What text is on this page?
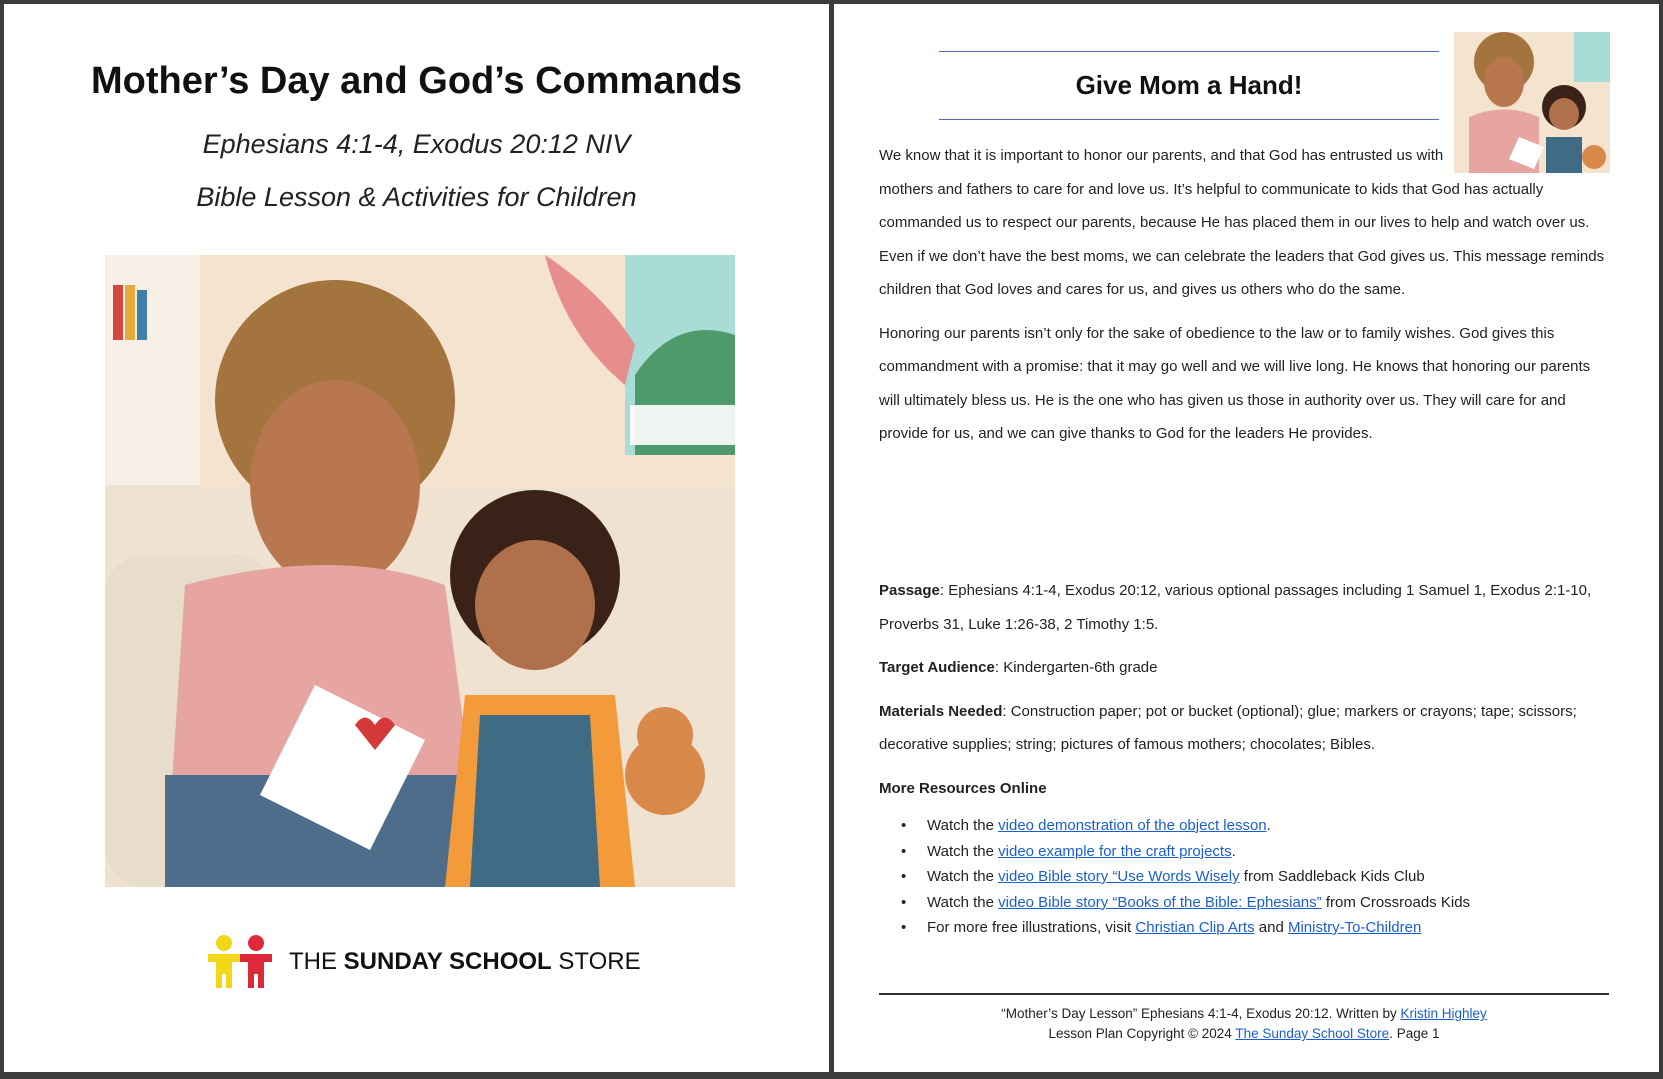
Mother’s Day and God’s Commands
Ephesians 4:1-4, Exodus 20:12 NIV
Bible Lesson & Activities for Children
THE SUNDAY SCHOOL STORE
Give Mom a Hand!

We know that it is important to honor our parents, and that God has entrusted us with mothers and fathers to care for and love us. It’s helpful to communicate to kids that God has actually commanded us to respect our parents, because He has placed them in our lives to help and watch over us. Even if we don’t have the best moms, we can celebrate the leaders that God gives us. This message reminds children that God loves and cares for us, and gives us others who do the same.

Honoring our parents isn’t only for the sake of obedience to the law or to family wishes. God gives this commandment with a promise: that it may go well and we will live long. He knows that honoring our parents will ultimately bless us. He is the one who has given us those in authority over us. They will care for and provide for us, and we can give thanks to God for the leaders He provides.

Passage: Ephesians 4:1-4, Exodus 20:12, various optional passages including 1 Samuel 1, Exodus 2:1-10, Proverbs 31, Luke 1:26-38, 2 Timothy 1:5.

Target Audience: Kindergarten-6th grade

Materials Needed: Construction paper; pot or bucket (optional); glue; markers or crayons; tape; scissors; decorative supplies; string; pictures of famous mothers; chocolates; Bibles.

More Resources Online

• Watch the video demonstration of the object lesson.
• Watch the video example for the craft projects.
• Watch the video Bible story “Use Words Wisely from Saddleback Kids Club
• Watch the video Bible story “Books of the Bible: Ephesians” from Crossroads Kids
• For more free illustrations, visit Christian Clip Arts and Ministry-To-Children
“Mother’s Day Lesson” Ephesians 4:1-4, Exodus 20:12. Written by Kristin Highley
Lesson Plan Copyright © 2024 The Sunday School Store. Page 1
